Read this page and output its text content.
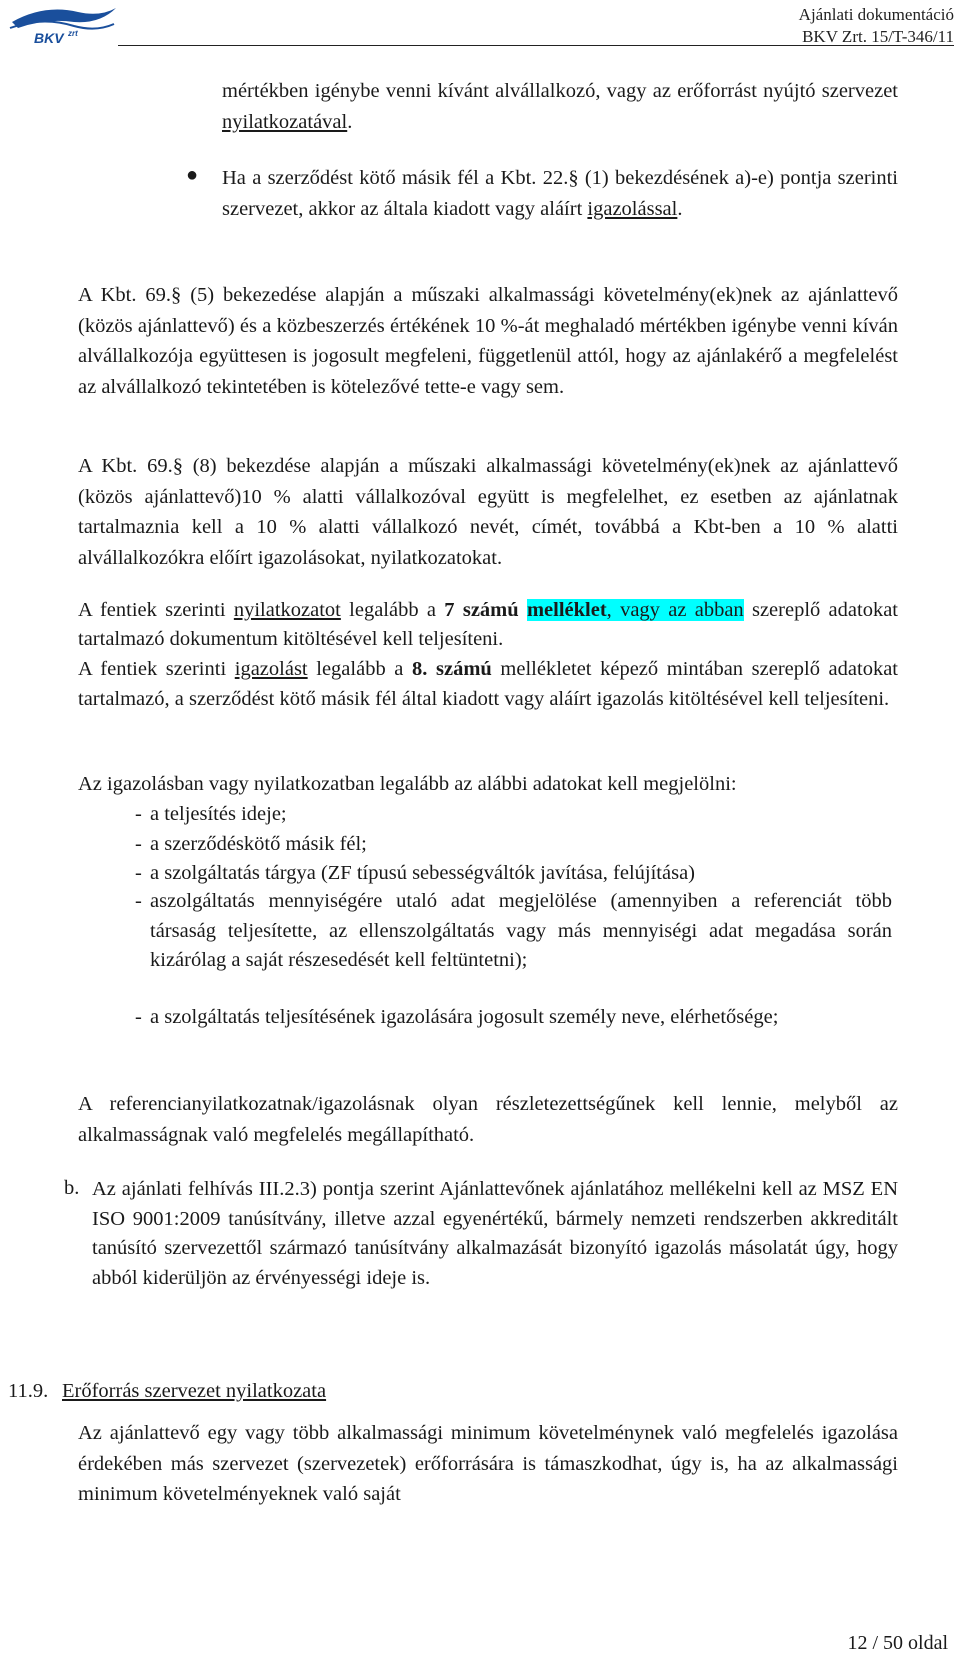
BKV zrt
Ajánlati dokumentáció
BKV Zrt. 15/T-346/11

mértékben igénybe venni kívánt alvállalkozó, vagy az erőforrást nyújtó szervezet nyilatkozatával.

● Ha a szerződést kötő másik fél a Kbt. 22.§ (1) bekezdésének a)-e) pontja szerinti szervezet, akkor az általa kiadott vagy aláírt igazolással.

A Kbt. 69.§ (5) bekezedése alapján a műszaki alkalmassági követelmény(ek)nek az ajánlattevő (közös ajánlattevő) és a közbeszerzés értékének 10 %-át meghaladó mértékben igénybe venni kíván alvállalkozója együttesen is jogosult megfeleni, függetlenül attól, hogy az ajánlakérő a megfelelést az alvállalkozó tekintetében is kötelezővé tette-e vagy sem.

A Kbt. 69.§ (8) bekezdése alapján a műszaki alkalmassági követelmény(ek)nek az ajánlattevő (közös ajánlattevő)10 % alatti vállalkozóval együtt is megfelelhet, ez esetben az ajánlatnak tartalmaznia kell a 10 % alatti vállalkozó nevét, címét, továbbá a Kbt-ben a 10 % alatti alvállalkozókra előírt igazolásokat, nyilatkozatokat.

A fentiek szerinti nyilatkozatot legalább a 7 számú melléklet, vagy az abban szereplő adatokat tartalmazó dokumentum kitöltésével kell teljesíteni.

A fentiek szerinti igazolást legalább a 8. számú mellékletet képező mintában szereplő adatokat tartalmazó, a szerződést kötő másik fél által kiadott vagy aláírt igazolás kitöltésével kell teljesíteni.

Az igazolásban vagy nyilatkozatban legalább az alábbi adatokat kell megjelölni:

- a teljesítés ideje;
- a szerződéskötő másik fél;
- a szolgáltatás tárgya (ZF típusú sebességváltók javítása, felújítása)
- aszolgáltatás mennyiségére utaló adat megjelölése (amennyiben a referenciát több társaság teljesítette, az ellenszolgáltatás vagy más mennyiségi adat megadása során kizárólag a saját részesedését kell feltüntetni);
- a szolgáltatás teljesítésének igazolására jogosult személy neve, elérhetősége;

A referencianyilatkozatnak/igazolásnak olyan részletezettségűnek kell lennie, melyből az alkalmasságnak való megfelelés megállapítható.

b. Az ajánlati felhívás III.2.3) pontja szerint Ajánlattevőnek ajánlatához mellékelni kell az MSZ EN ISO 9001:2009 tanúsítvány, illetve azzal egyenértékű, bármely nemzeti rendszerben akkreditált tanúsító szervezettől származó tanúsítvány alkalmazását bizonyító igazolás másolatát úgy, hogy abból kiderüljön az érvényességi ideje is.

11.9. Erőforrás szervezet nyilatkozata

Az ajánlattevő egy vagy több alkalmassági minimum követelménynek való megfelelés igazolása érdekében más szervezet (szervezetek) erőforrására is támaszkodhat, úgy is, ha az alkalmassági minimum követelményeknek való saját

12 / 50 oldal
